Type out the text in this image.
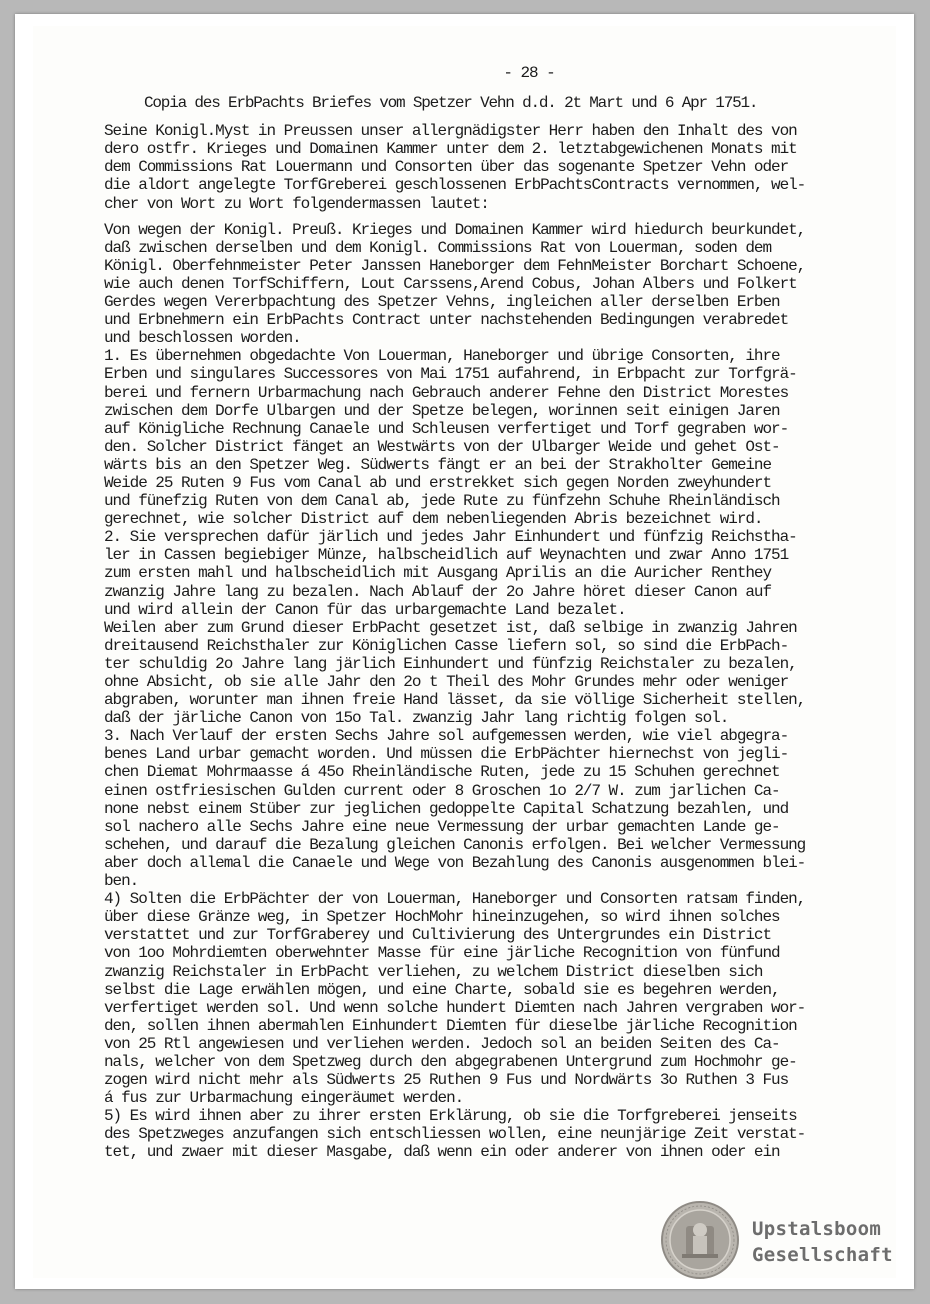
- 28 -
Copia des ErbPachts Briefes vom Spetzer Vehn d.d. 2t Mart und 6 Apr 1751.
Seine Konigl.Myst in Preussen unser allergnädigster Herr haben den Inhalt des von
dero ostfr. Krieges und Domainen Kammer unter dem 2. letztabgewichenen Monats mit
dem Commissions Rat Louermann und Consorten über das sogenante Spetzer Vehn oder
die aldort angelegte TorfGreberei geschlossenen ErbPachtsContracts vernommen, wel-
cher von Wort zu Wort folgendermassen lautet:
Von wegen der Konigl. Preuß. Krieges und Domainen Kammer wird hiedurch beurkundet,
daß zwischen derselben und dem Konigl. Commissions Rat von Louerman, soden dem
Königl. Oberfehnmeister Peter Janssen Haneborger dem FehnMeister Borchart Schoene,
wie auch denen TorfSchiffern, Lout Carssens,Arend Cobus, Johan Albers und Folkert
Gerdes wegen Vererbpachtung des Spetzer Vehns, ingleichen aller derselben Erben
und Erbnehmern ein ErbPachts Contract unter nachstehenden Bedingungen verabredet
und beschlossen worden.
1. Es übernehmen obgedachte Von Louerman, Haneborger und übrige Consorten, ihre
Erben und singulares Successores von Mai 1751 aufahrend, in Erbpacht zur Torfgrä-
berei und fernern Urbarmachung nach Gebrauch anderer Fehne den District Morestes
zwischen dem Dorfe Ulbargen und der Spetze belegen, worinnen seit einigen Jaren
auf Königliche Rechnung Canaele und Schleusen verfertiget und Torf gegraben wor-
den. Solcher District fänget an Westwärts von der Ulbarger Weide und gehet Ost-
wärts bis an den Spetzer Weg. Südwerts fängt er an bei der Strakholter Gemeine
Weide 25 Ruten 9 Fus vom Canal ab und erstrekket sich gegen Norden zweyhundert
und fünefzig Ruten von dem Canal ab, jede Rute zu fünfzehn Schuhe Rheinländisch
gerechnet, wie solcher District auf dem nebenliegenden Abris bezeichnet wird.
2. Sie versprechen dafür järlich und jedes Jahr Einhundert und fünfzig Reichstha-
ler in Cassen begiebiger Münze, halbscheidlich auf Weynachten und zwar Anno 1751
zum ersten mahl und halbscheidlich mit Ausgang Aprilis an die Auricher Renthey
zwanzig Jahre lang zu bezalen. Nach Ablauf der 2o Jahre höret dieser Canon auf
und wird allein der Canon für das urbargemachte Land bezalet.
Weilen aber zum Grund dieser ErbPacht gesetzet ist, daß selbige in zwanzig Jahren
dreitausend Reichsthaler zur Königlichen Casse liefern sol, so sind die ErbPach-
ter schuldig 2o Jahre lang järlich Einhundert und fünfzig Reichstaler zu bezalen,
ohne Absicht, ob sie alle Jahr den 2o t Theil des Mohr Grundes mehr oder weniger
abgraben, worunter man ihnen freie Hand lässet, da sie völlige Sicherheit stellen,
daß der järliche Canon von 15o Tal. zwanzig Jahr lang richtig folgen sol.
3. Nach Verlauf der ersten Sechs Jahre sol aufgemessen werden, wie viel abgegra-
benes Land urbar gemacht worden. Und müssen die ErbPächter hiernechst von jegli-
chen Diemat Mohrmaasse á 45o Rheinländische Ruten, jede zu 15 Schuhen gerechnet
einen ostfriesischen Gulden current oder 8 Groschen 1o 2/7 W. zum jarlichen Ca-
none nebst einem Stüber zur jeglichen gedoppelte Capital Schatzung bezahlen, und
sol nachero alle Sechs Jahre eine neue Vermessung der urbar gemachten Lande ge-
schehen, und darauf die Bezalung gleichen Canonis erfolgen. Bei welcher Vermessung
aber doch allemal die Canaele und Wege von Bezahlung des Canonis ausgenommen blei-
ben.
4) Solten die ErbPächter der von Louerman, Haneborger und Consorten ratsam finden,
über diese Gränze weg, in Spetzer HochMohr hineinzugehen, so wird ihnen solches
verstattet und zur TorfGraberey und Cultivierung des Untergrundes ein District
von 1oo Mohrdiemten oberwehnter Masse für eine järliche Recognition von fünfund
zwanzig Reichstaler in ErbPacht verliehen, zu welchem District dieselben sich
selbst die Lage erwählen mögen, und eine Charte, sobald sie es begehren werden,
verfertiget werden sol. Und wenn solche hundert Diemten nach Jahren vergraben wor-
den, sollen ihnen abermahlen Einhundert Diemten für dieselbe järliche Recognition
von 25 Rtl angewiesen und verliehen werden. Jedoch sol an beiden Seiten des Ca-
nals, welcher von dem Spetzweg durch den abgegrabenen Untergrund zum Hochmohr ge-
zogen wird nicht mehr als Südwerts 25 Ruthen 9 Fus und Nordwärts 3o Ruthen 3 Fus
á fus zur Urbarmachung eingeräumet werden.
5) Es wird ihnen aber zu ihrer ersten Erklärung, ob sie die Torfgreberei jenseits
des Spetzweges anzufangen sich entschliessen wollen, eine neunjärige Zeit verstat-
tet, und zwaer mit dieser Masgabe, daß wenn ein oder anderer von ihnen oder ein
Upstalsboom
Gesellschaft
